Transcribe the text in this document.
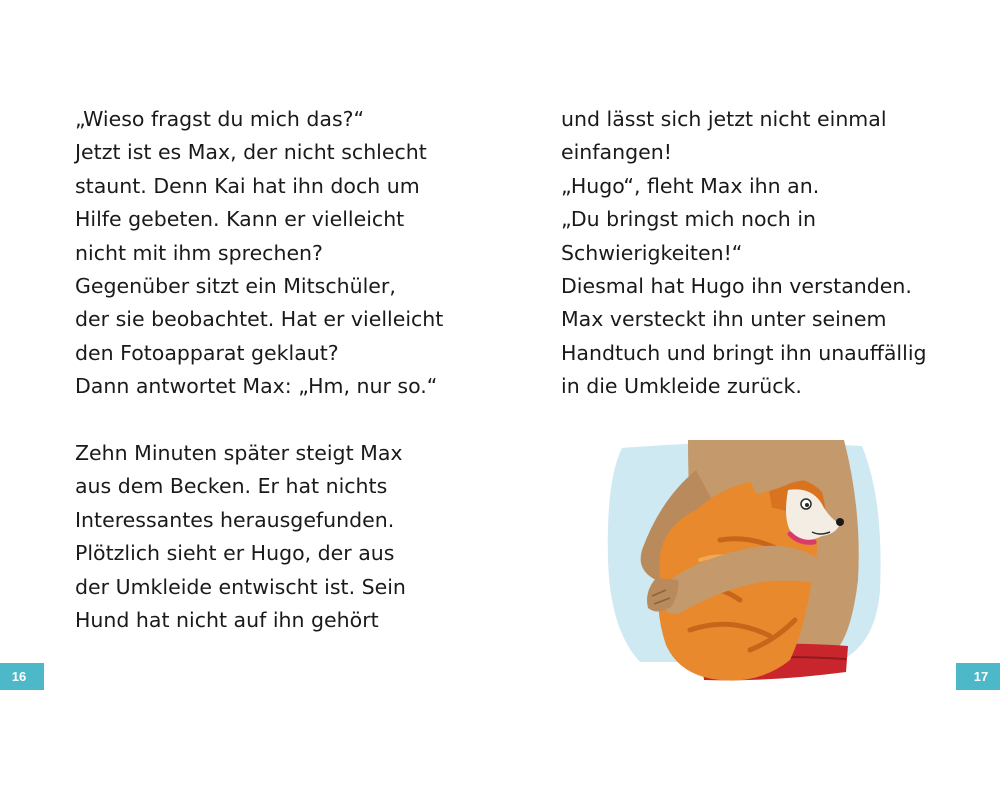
„Wieso fragst du mich das?“
Jetzt ist es Max, der nicht schlecht
staunt. Denn Kai hat ihn doch um
Hilfe gebeten. Kann er vielleicht
nicht mit ihm sprechen?
Gegenüber sitzt ein Mitschüler,
der sie beobachtet. Hat er vielleicht
den Fotoapparat geklaut?
Dann antwortet Max: „Hm, nur so.“
Zehn Minuten später steigt Max
aus dem Becken. Er hat nichts
Interessantes herausgefunden.
Plötzlich sieht er Hugo, der aus
der Umkleide entwischt ist. Sein
Hund hat nicht auf ihn gehört
16
und lässt sich jetzt nicht einmal
einfangen!
„Hugo“, fleht Max ihn an.
„Du bringst mich noch in
Schwierigkeiten!“
Diesmal hat Hugo ihn verstanden.
Max versteckt ihn unter seinem
Handtuch und bringt ihn unauffällig
in die Umkleide zurück.
17
